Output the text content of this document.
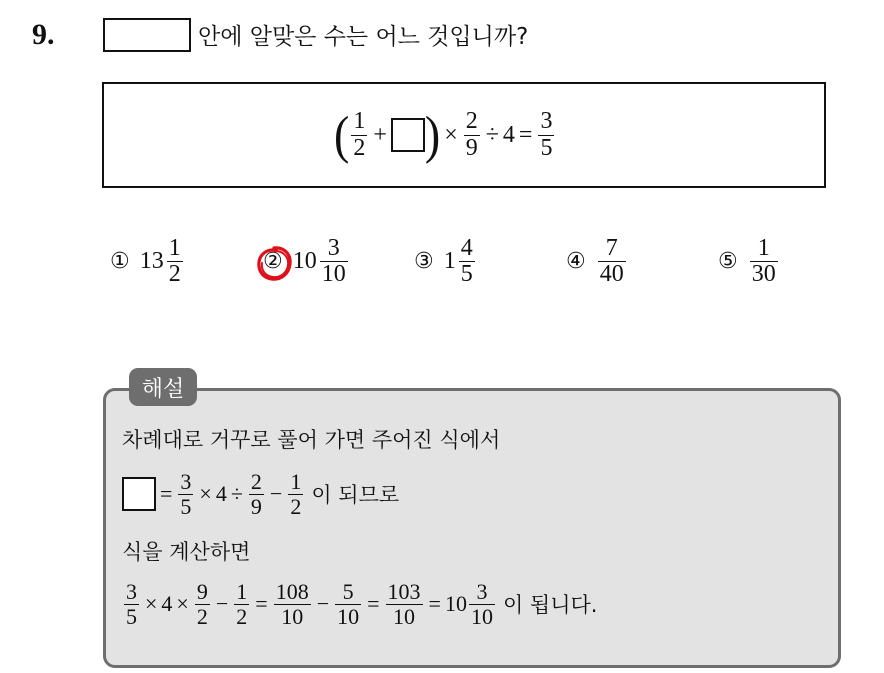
9.	안에 알맞은 수는 어느 것입니까?
( $\frac{1}{2}$ + ) × $\frac{2}{9} \div 4 = \frac{3}{5}$
① $13 \frac{1}{2}$	② $10 \frac{3}{10}$	③ $1 \frac{4}{5}$	④ $\frac{7}{40}$	⑤ $\frac{1}{30}$
해설
차례대로 거꾸로 풀어 가면 주어진 식에서
= $\frac{3}{5} \times 4 \div \frac{2}{9} - \frac{1}{2}$ 이 되므로
식을 계산하면
$\frac{3}{5} \times 4 \times \frac{9}{2} - \frac{1}{2} = \frac{108}{10} - \frac{5}{10} = \frac{103}{10} = 10 \frac{3}{10}$ 이 됩니다.
